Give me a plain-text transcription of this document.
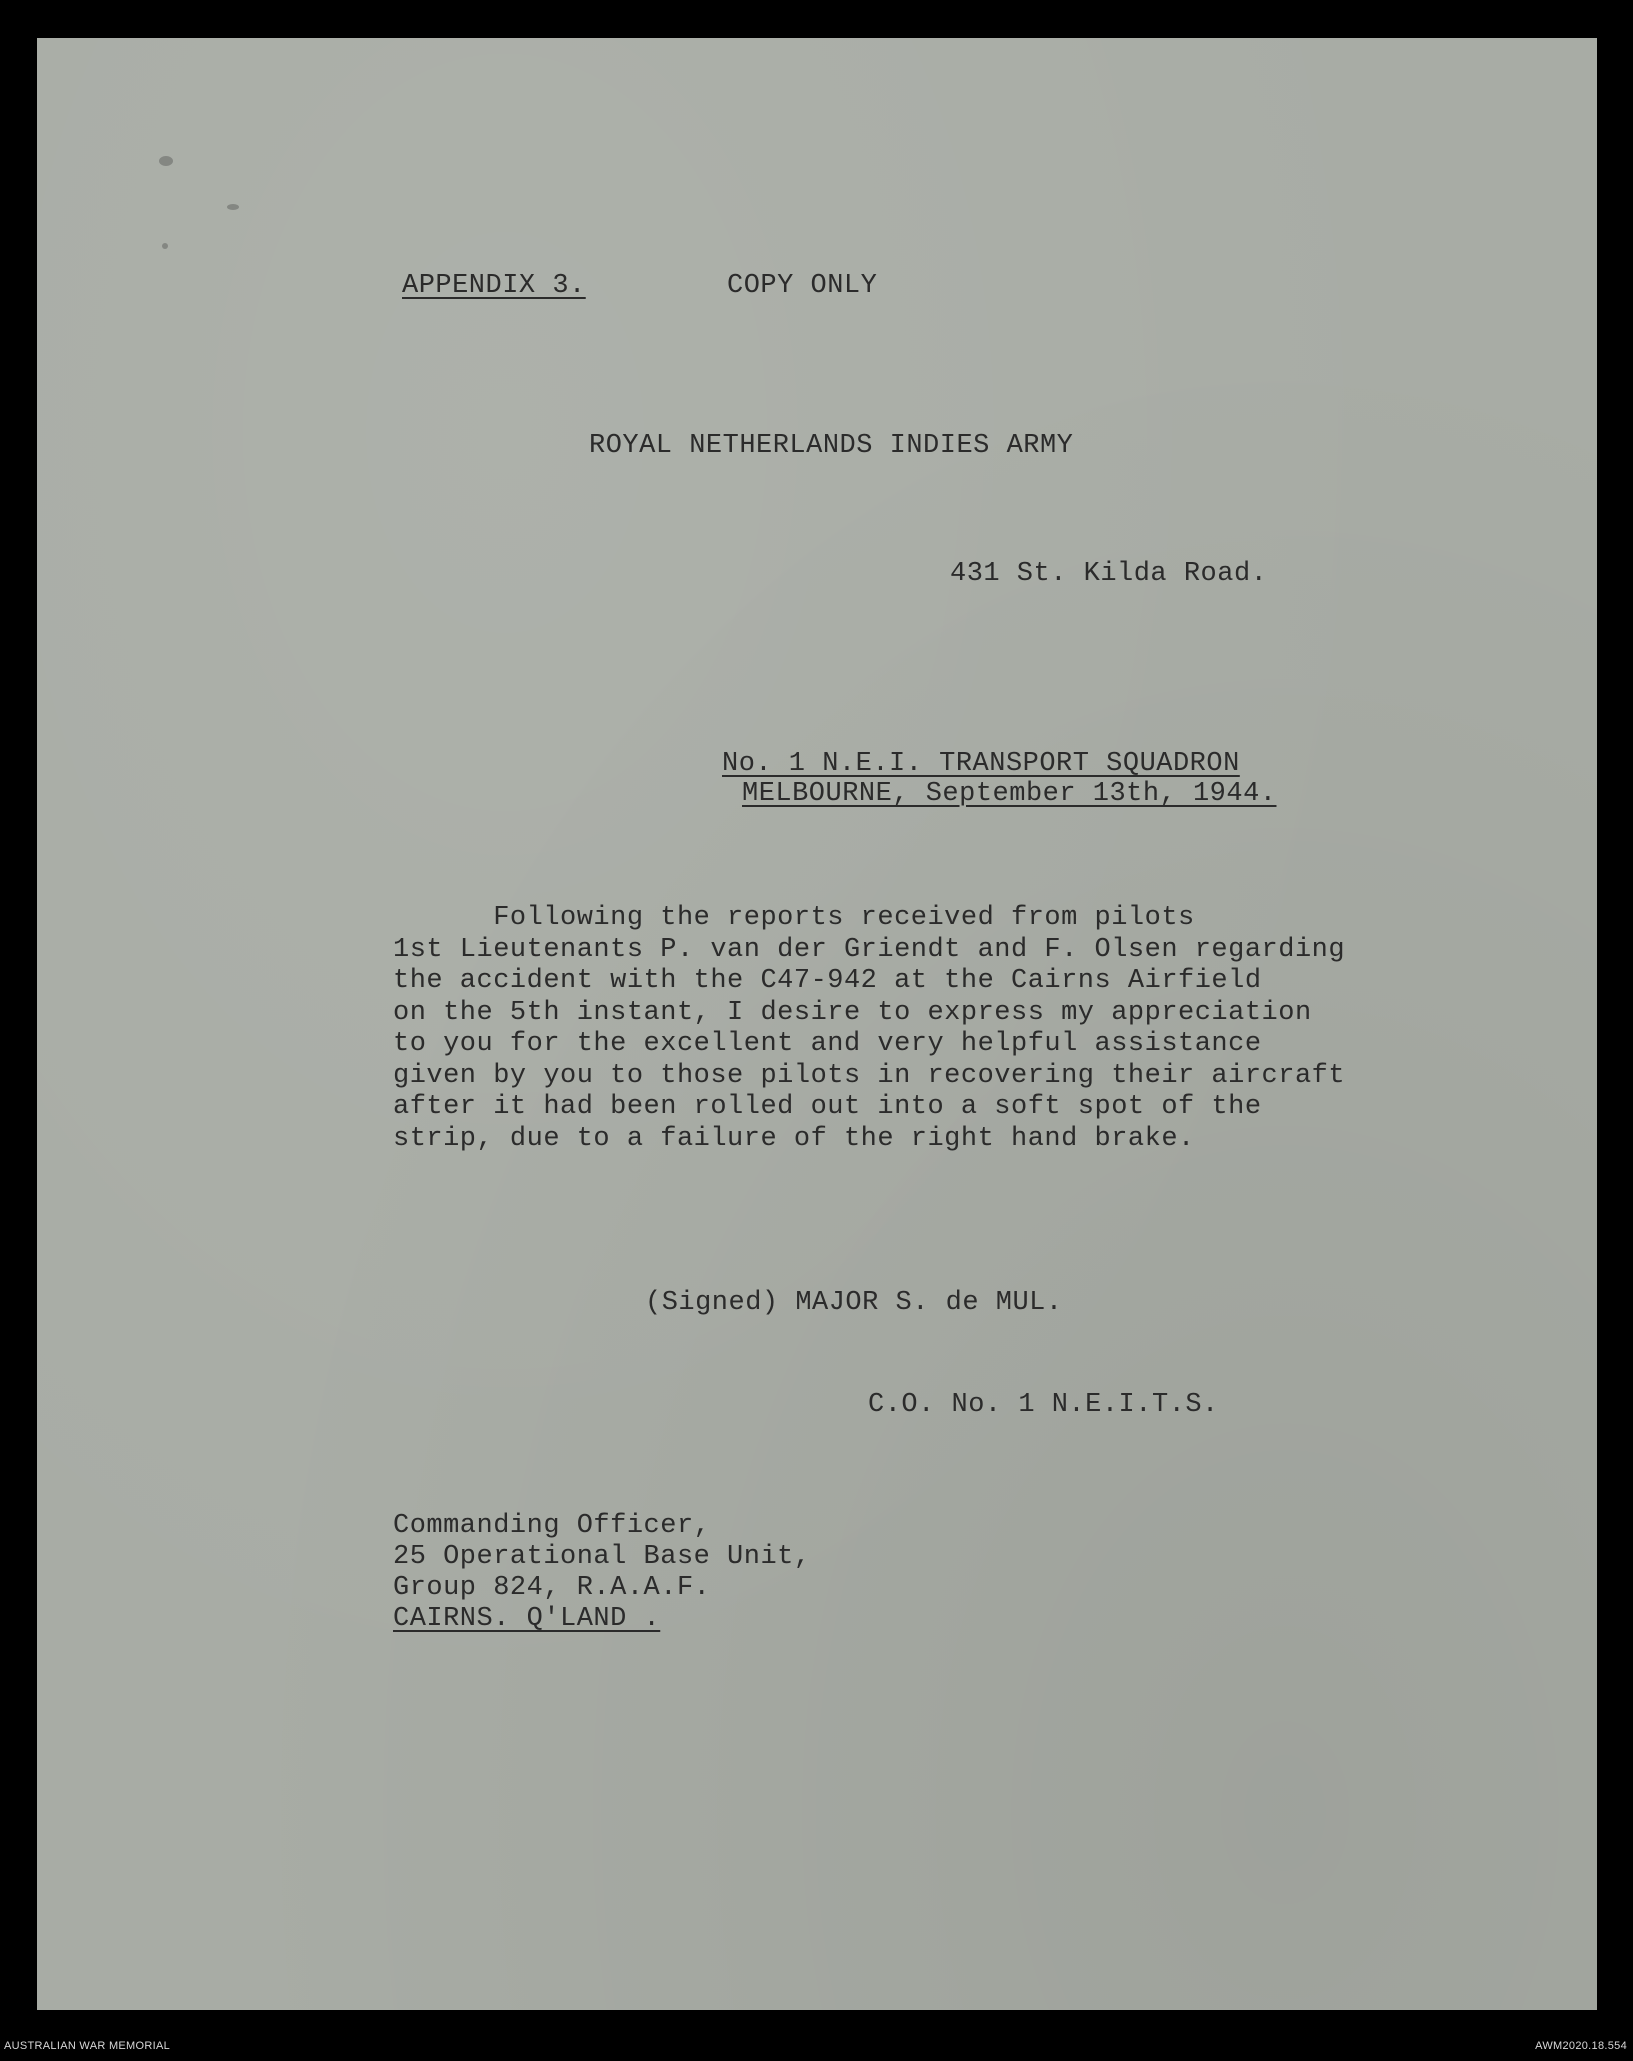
APPENDIX 3.	COPY ONLY
ROYAL NETHERLANDS INDIES ARMY
431 St. Kilda Road.
No. 1 N.E.I. TRANSPORT SQUADRON
MELBOURNE, September 13th, 1944.
Following the reports received from pilots
1st Lieutenants P. van der Griendt and F. Olsen regarding
the accident with the C47-942 at the Cairns Airfield
on the 5th instant, I desire to express my appreciation
to you for the excellent and very helpful assistance
given by you to those pilots in recovering their aircraft
after it had been rolled out into a soft spot of the
strip, due to a failure of the right hand brake.
(Signed) MAJOR S. de MUL.
C.O. No. 1 N.E.I.T.S.
Commanding Officer,
25 Operational Base Unit,
Group 824, R.A.A.F.
CAIRNS. Q'LAND .
AUSTRALIAN WAR MEMORIAL	AWM2020.18.554
